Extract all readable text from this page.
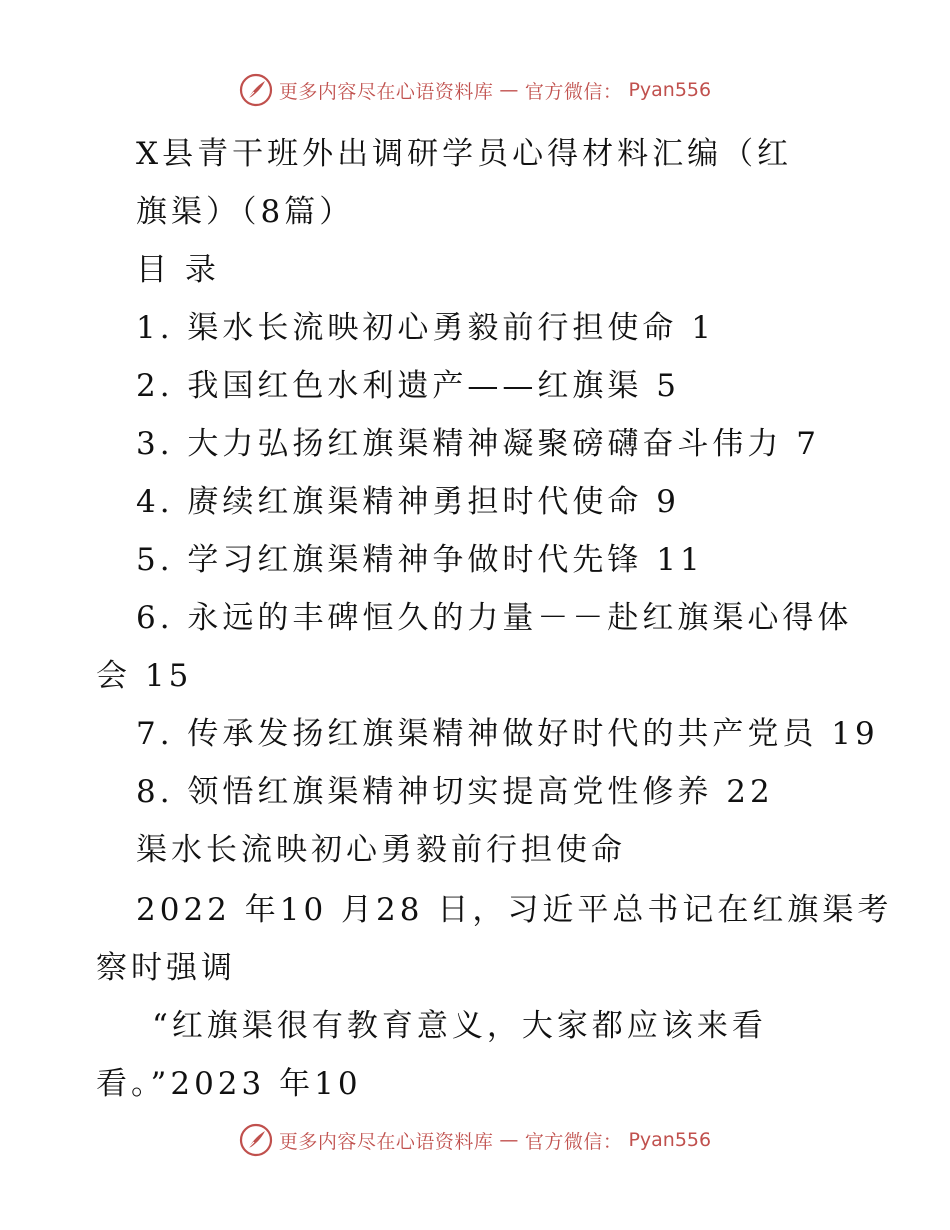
更多内容尽在心语资料库 — 官方微信： Pyan556
X县青干班外出调研学员心得材料汇编（红
旗渠）（8篇）
目 录
1. 渠水长流映初心勇毅前行担使命 1
2. 我国红色水利遗产——红旗渠 5
3. 大力弘扬红旗渠精神凝聚磅礴奋斗伟力 7
4. 赓续红旗渠精神勇担时代使命 9
5. 学习红旗渠精神争做时代先锋 11
6. 永远的丰碑恒久的力量－－赴红旗渠心得体
会 15
7. 传承发扬红旗渠精神做好时代的共产党员 19
8. 领悟红旗渠精神切实提高党性修养 22
渠水长流映初心勇毅前行担使命
2022 年10 月28 日，习近平总书记在红旗渠考
察时强调
“红旗渠很有教育意义，大家都应该来看
看。”2023 年10
更多内容尽在心语资料库 — 官方微信： Pyan556
